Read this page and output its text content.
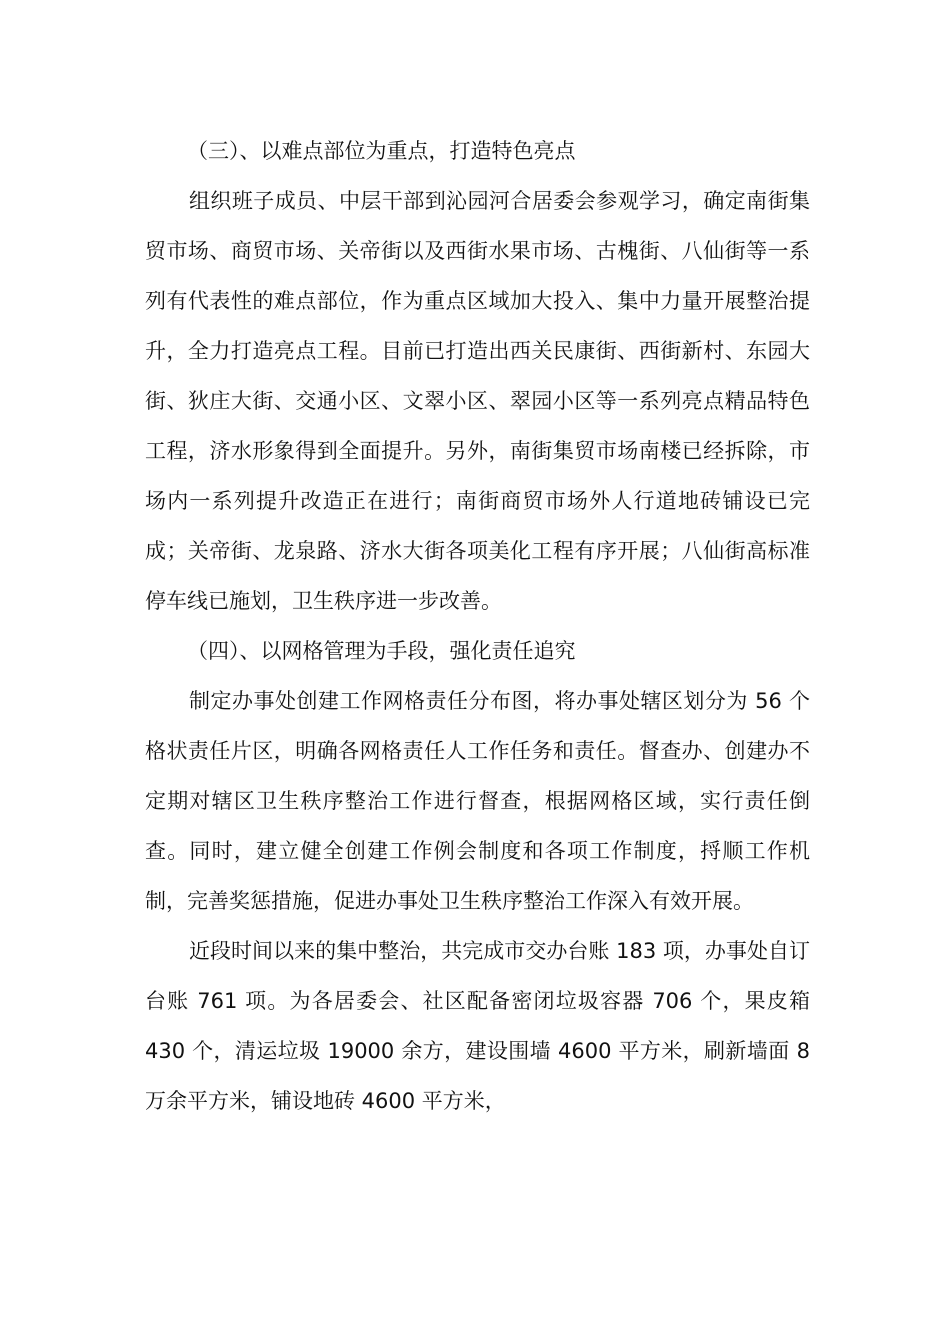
（三）、以难点部位为重点，打造特色亮点

组织班子成员、中层干部到沁园河合居委会参观学习，确定南街集贸市场、商贸市场、关帝街以及西街水果市场、古槐街、八仙街等一系列有代表性的难点部位，作为重点区域加大投入、集中力量开展整治提升，全力打造亮点工程。目前已打造出西关民康街、西街新村、东园大街、狄庄大街、交通小区、文翠小区、翠园小区等一系列亮点精品特色工程，济水形象得到全面提升。另外，南街集贸市场南楼已经拆除，市场内一系列提升改造正在进行；南街商贸市场外人行道地砖铺设已完成；关帝街、龙泉路、济水大街各项美化工程有序开展；八仙街高标准停车线已施划，卫生秩序进一步改善。

（四）、以网格管理为手段，强化责任追究

制定办事处创建工作网格责任分布图，将办事处辖区划分为 56 个格状责任片区，明确各网格责任人工作任务和责任。督查办、创建办不定期对辖区卫生秩序整治工作进行督查，根据网格区域，实行责任倒查。同时，建立健全创建工作例会制度和各项工作制度，捋顺工作机制，完善奖惩措施，促进办事处卫生秩序整治工作深入有效开展。

近段时间以来的集中整治，共完成市交办台账 183 项，办事处自订台账 761 项。为各居委会、社区配备密闭垃圾容器 706 个，果皮箱 430 个，清运垃圾 19000 余方，建设围墙 4600 平方米，刷新墙面 8 万余平方米，铺设地砖 4600 平方米，
